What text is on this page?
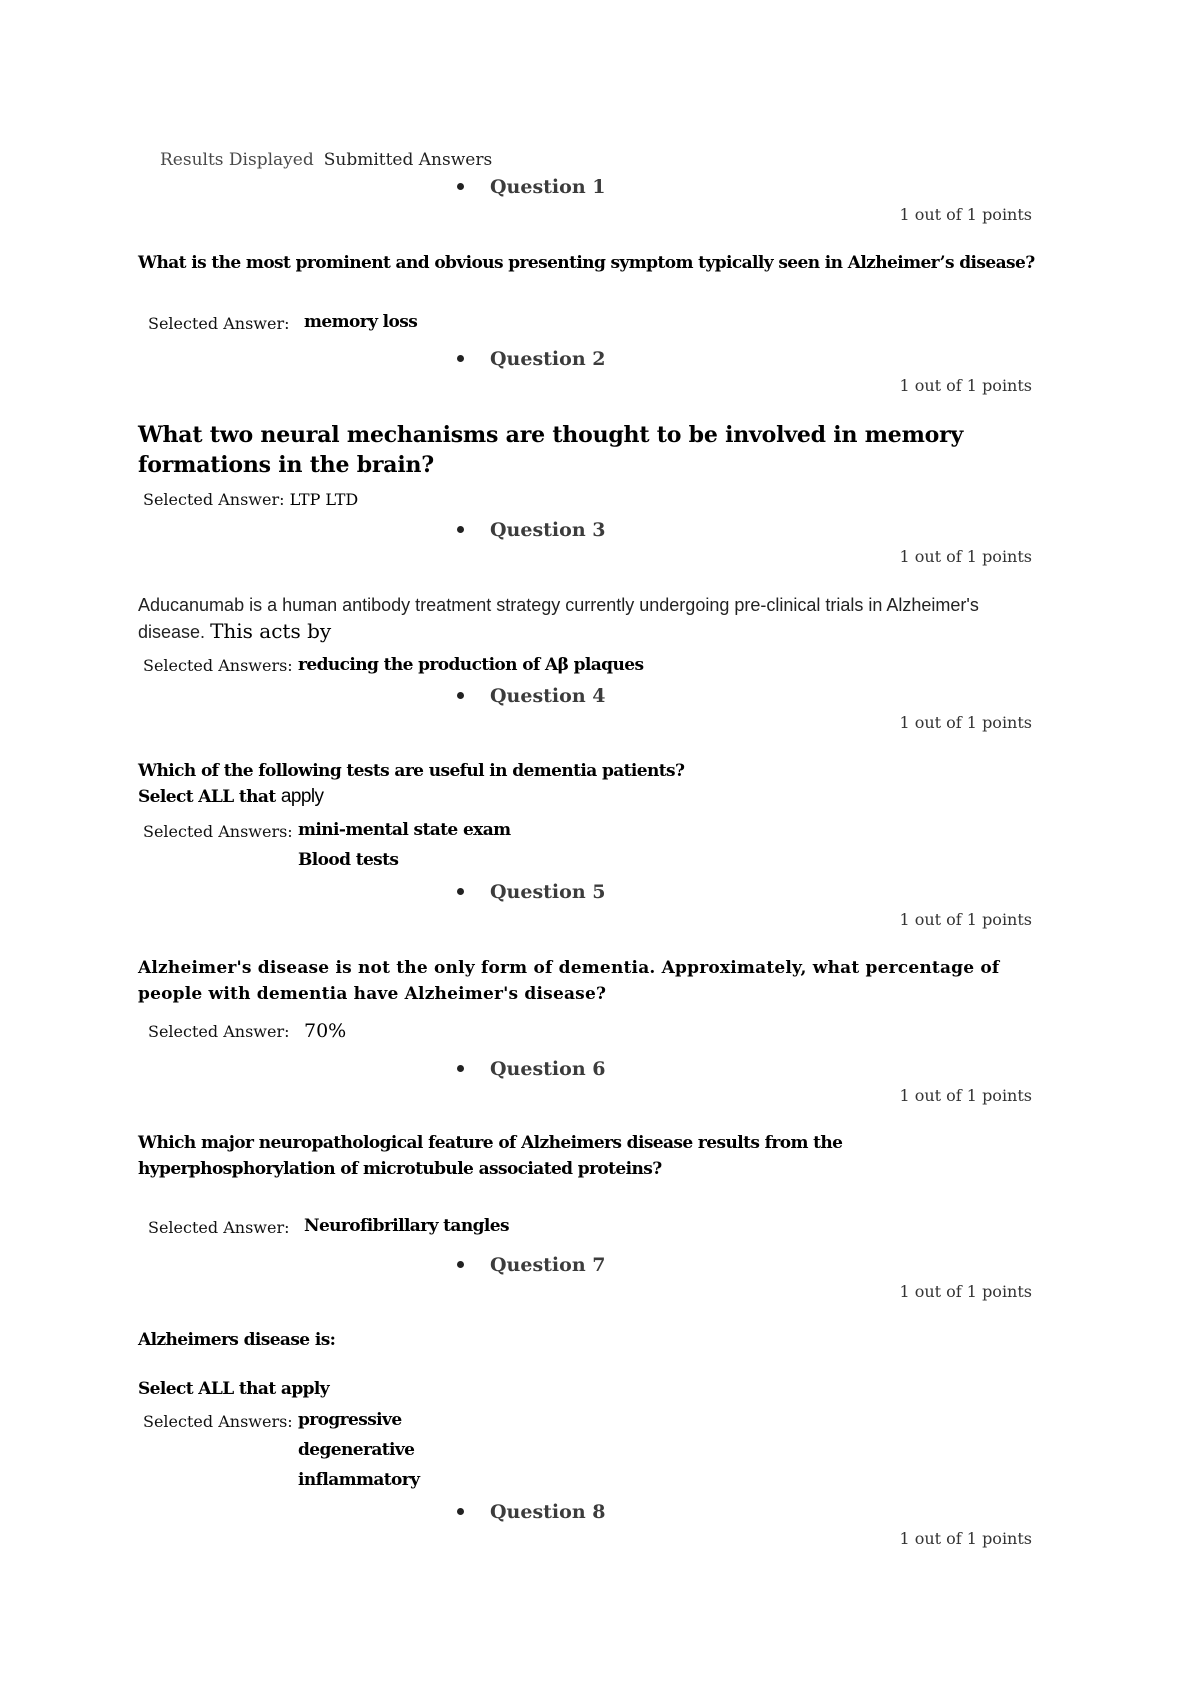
Results Displayed Submitted Answers
Question 1
1 out of 1 points
What is the most prominent and obvious presenting symptom typically seen in Alzheimer’s disease?
Selected Answer: memory loss
Question 2
1 out of 1 points
What two neural mechanisms are thought to be involved in memory formations in the brain?
Selected Answer: LTP LTD
Question 3
1 out of 1 points
Aducanumab is a human antibody treatment strategy currently undergoing pre-clinical trials in Alzheimer's disease. This acts by
Selected Answers: reducing the production of Aβ plaques
Question 4
1 out of 1 points
Which of the following tests are useful in dementia patients?
Select ALL that apply
Selected Answers: mini-mental state exam
Blood tests
Question 5
1 out of 1 points
Alzheimer's disease is not the only form of dementia. Approximately, what percentage of people with dementia have Alzheimer's disease?
Selected Answer: 70%
Question 6
1 out of 1 points
Which major neuropathological feature of Alzheimers disease results from the hyperphosphorylation of microtubule associated proteins?
Selected Answer: Neurofibrillary tangles
Question 7
1 out of 1 points
Alzheimers disease is:
Select ALL that apply
Selected Answers: progressive
degenerative
inflammatory
Question 8
1 out of 1 points
